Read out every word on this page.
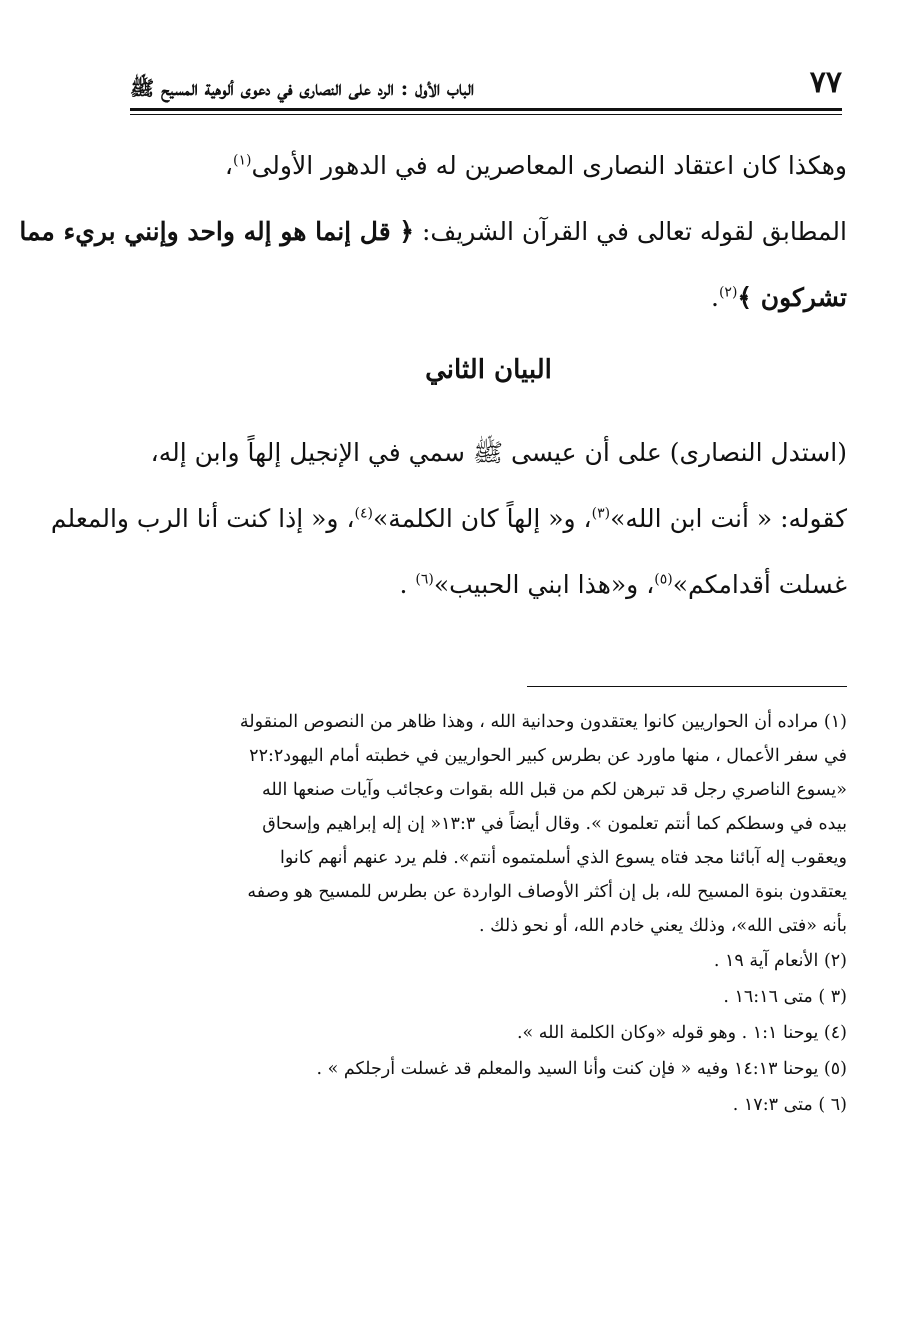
٧٧
الباب الأول : الرد على النصارى في دعوى ألوهية المسيح ﷺ
وهكذا كان اعتقاد النصارى المعاصرين له في الدهور الأولى$^{(١)}$،
المطابق لقوله تعالى في القرآن الشريف: ﴿ قل إنما هو إله واحد وإنني بريء مما
تشركون ﴾$^{(٢)}$.
البيان الثاني
(استدل النصارى) على أن عيسى ﷺ سمي في الإنجيل إلهاً وابن إله،
كقوله: « أنت ابن الله»$^{(٣)}$، و« إلهاً كان الكلمة»$^{(٤)}$، و« إذا كنت أنا الرب والمعلم
غسلت أقدامكم»$^{(٥)}$، و«هذا ابني الحبيب»$^{(٦)}$ .
(١) مراده أن الحواريين كانوا يعتقدون وحدانية الله ، وهذا ظاهر من النصوص المنقولة
في سفر الأعمال ، منها ماورد عن بطرس كبير الحواريين في خطبته أمام اليهود٢٢:٢
«يسوع الناصري رجل قد تبرهن لكم من قبل الله بقوات وعجائب وآيات صنعها الله
بيده في وسطكم كما أنتم تعلمون ». وقال أيضاً في ١٣:٣« إن إله إبراهيم وإسحاق
ويعقوب إله آبائنا مجد فتاه يسوع الذي أسلمتموه أنتم». فلم يرد عنهم أنهم كانوا
يعتقدون بنوة المسيح لله، بل إن أكثر الأوصاف الواردة عن بطرس للمسيح هو وصفه
بأنه «فتى الله»، وذلك يعني خادم الله، أو نحو ذلك .
(٢) الأنعام آية ١٩ .
(٣ ) متى ١٦:١٦ .
(٤) يوحنا ١:١ . وهو قوله «وكان الكلمة الله ».
(٥) يوحنا ١٤:١٣ وفيه « فإن كنت وأنا السيد والمعلم قد غسلت أرجلكم » .
(٦ ) متى ١٧:٣ .
